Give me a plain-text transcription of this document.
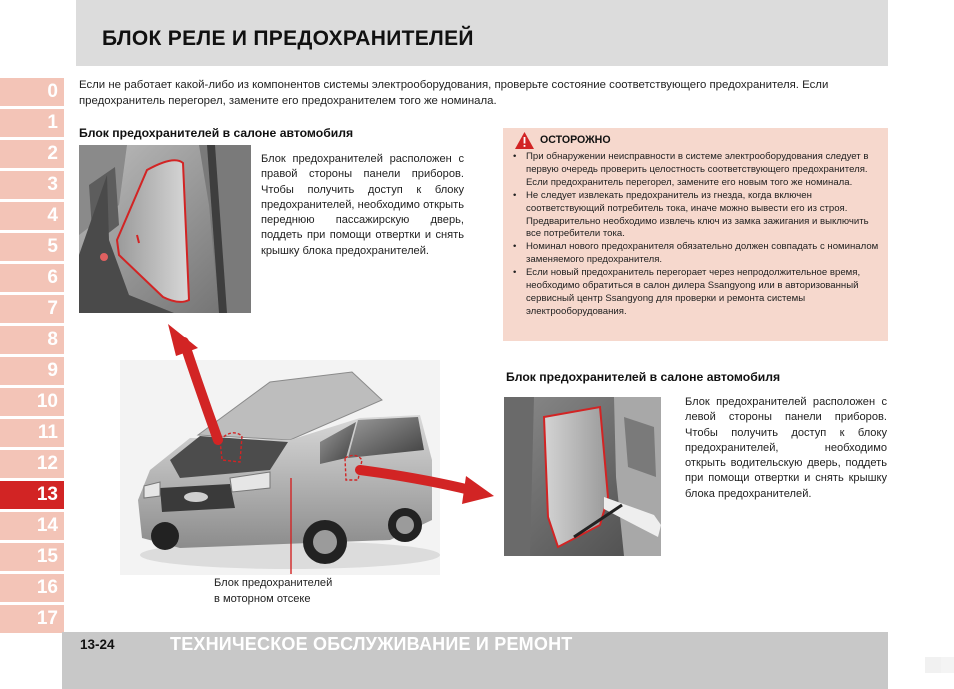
БЛОК РЕЛЕ И ПРЕДОХРАНИТЕЛЕЙ
0
1
2
3
4
5
6
7
8
9
10
11
12
13
14
15
16
17

Если не работает какой-либо из компонентов системы электрооборудования, проверьте состояние соответствующего предохранителя. Если предохранитель перегорел, замените его предохранителем того же номинала.

Блок предохранителей в салоне автомобиля

Блок предохранителей расположен с правой стороны панели приборов. Чтобы получить доступ к блоку предохранителей, необходимо открыть переднюю пассажирскую дверь, поддеть при помощи отвертки и снять крышку блока предохранителей.

ОСТОРОЖНО
• При обнаружении неисправности в системе электрооборудования следует в первую очередь проверить целостность соответствующего предохранителя. Если предохранитель перегорел, замените его новым того же номинала.
• Не следует извлекать предохранитель из гнезда, когда включен соответствующий потребитель тока, иначе можно вывести его из строя. Предварительно необходимо извлечь ключ из замка зажигания и выключить все потребители тока.
• Номинал нового предохранителя обязательно должен совпадать с номиналом заменяемого предохранителя.
• Если новый предохранитель перегорает через непродолжительное время, необходимо обратиться в салон дилера Ssangyong или в авторизованный сервисный центр Ssangyong для проверки и ремонта системы электрооборудования.
Блок предохранителей
в моторном отсеке
Блок предохранителей в салоне автомобиля

Блок предохранителей расположен с левой стороны панели приборов. Чтобы получить доступ к блоку предохранителей, необходимо открыть водительскую дверь, поддеть при помощи отвертки и снять крышку блока предохранителей.

13-24	ТЕХНИЧЕСКОЕ ОБСЛУЖИВАНИЕ И РЕМОНТ
